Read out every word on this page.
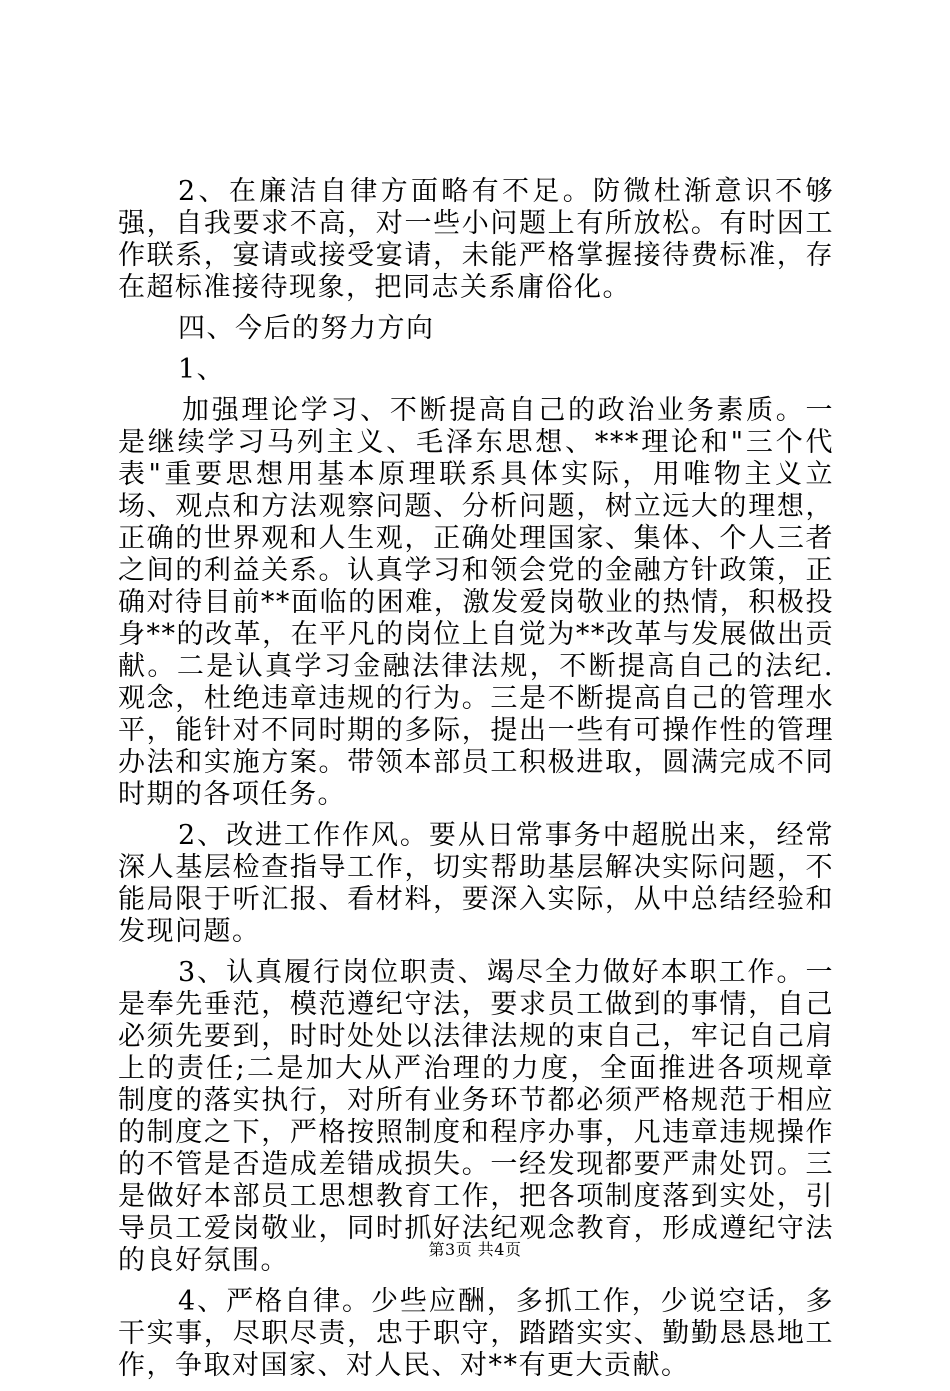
2、在廉洁自律方面略有不足。防微杜渐意识不够强，自我要求不高，对一些小问题上有所放松。有时因工作联系，宴请或接受宴请，未能严格掌握接待费标准，存在超标准接待现象，把同志关系庸俗化。

四、今后的努力方向

1、

加强理论学习、不断提高自己的政治业务素质。一是继续学习马列主义、毛泽东思想、***理论和"三个代表"重要思想用基本原理联系具体实际，用唯物主义立场、观点和方法观察问题、分析问题，树立远大的理想，正确的世界观和人生观，正确处理国家、集体、个人三者之间的利益关系。认真学习和领会党的金融方针政策，正确对待目前**面临的困难，激发爱岗敬业的热情，积极投身**的改革，在平凡的岗位上自觉为**改革与发展做出贡献。二是认真学习金融法律法规，不断提高自己的法纪.观念，杜绝违章违规的行为。三是不断提高自己的管理水平，能针对不同时期的多际，提出一些有可操作性的管理办法和实施方案。带领本部员工积极进取，圆满完成不同时期的各项任务。

2、改进工作作风。要从日常事务中超脱出来，经常深人基层检查指导工作，切实帮助基层解决实际问题，不能局限于听汇报、看材料，要深入实际，从中总结经验和发现问题。

3、认真履行岗位职责、竭尽全力做好本职工作。一是奉先垂范，模范遵纪守法，要求员工做到的事情，自己必须先要到，时时处处以法律法规的束自己，牢记自己肩上的责任;二是加大从严治理的力度，全面推进各项规章制度的落实执行，对所有业务环节都必须严格规范于相应的制度之下，严格按照制度和程序办事，凡违章违规操作的不管是否造成差错成损失。一经发现都要严肃处罚。三是做好本部员工思想教育工作，把各项制度落到实处，引导员工爱岗敬业，同时抓好法纪观念教育，形成遵纪守法的良好氛围。

4、严格自律。少些应酬，多抓工作，少说空话，多干实事，尽职尽责，忠于职守，踏踏实实、勤勤恳恳地工作，争取对国家、对人民、对**有更大贡献。

第3页 共4页
